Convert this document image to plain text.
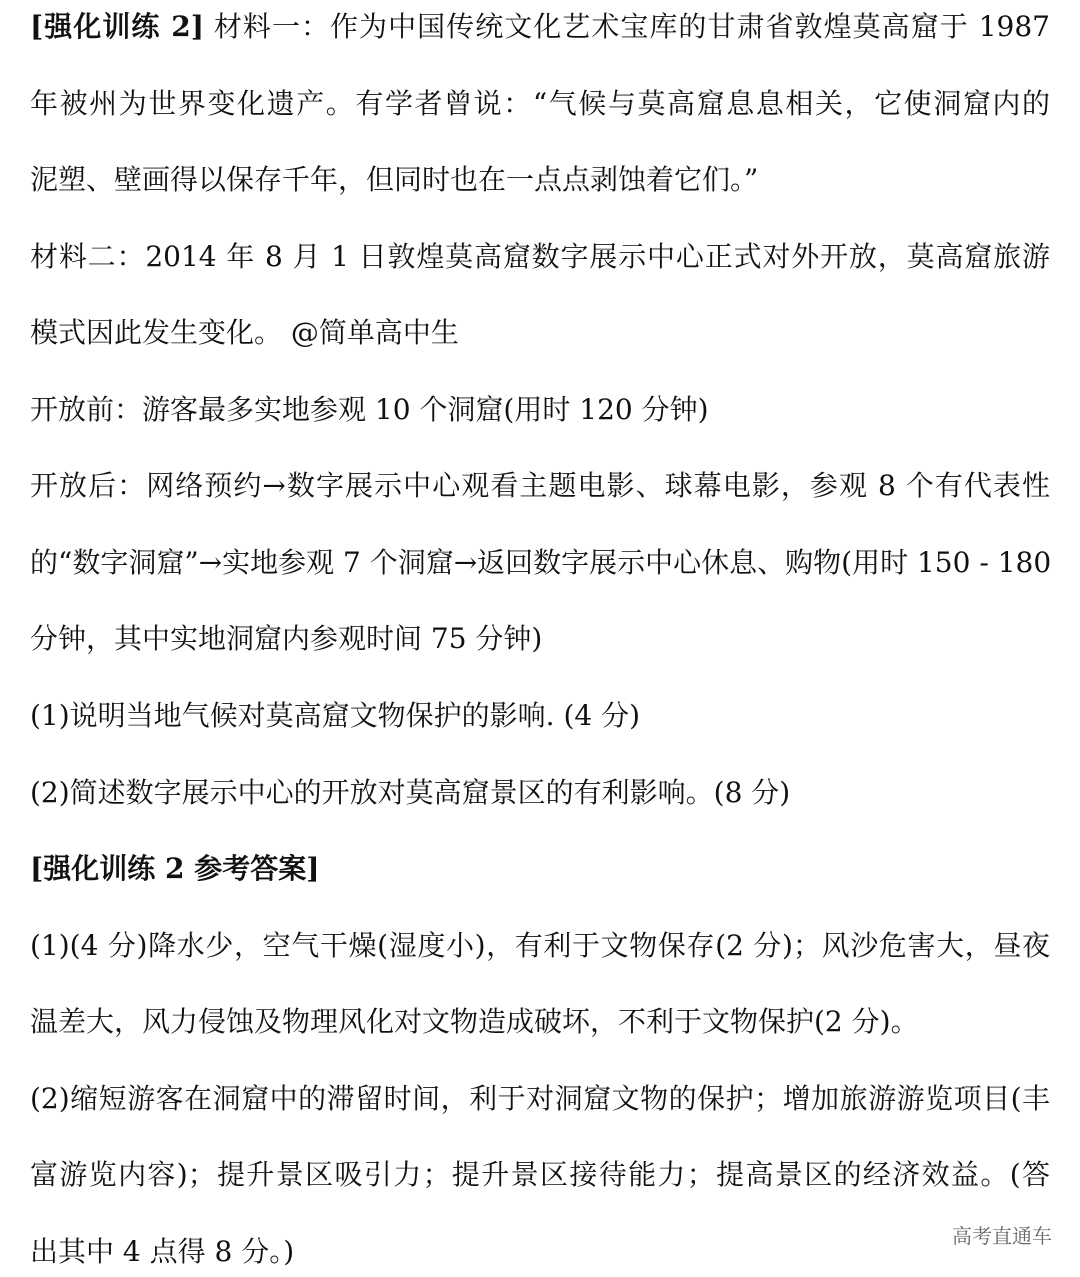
[强化训练 2] 材料一：作为中国传统文化艺术宝库的甘肃省敦煌莫高窟于 1987
年被州为世界变化遗产。有学者曾说：“气候与莫高窟息息相关，它使洞窟内的
泥塑、壁画得以保存千年，但同时也在一点点剥蚀着它们。”
材料二：2014 年 8 月 1 日敦煌莫高窟数字展示中心正式对外开放，莫高窟旅游
模式因此发生变化。 @简单高中生
开放前：游客最多实地参观 10 个洞窟(用时 120 分钟)
开放后：网络预约→数字展示中心观看主题电影、球幕电影，参观 8 个有代表性
的“数字洞窟”→实地参观 7 个洞窟→返回数字展示中心休息、购物(用时 150 - 180
分钟，其中实地洞窟内参观时间 75 分钟)
(1)说明当地气候对莫高窟文物保护的影响. (4 分)
(2)简述数字展示中心的开放对莫高窟景区的有利影响。(8 分)
[强化训练 2 参考答案]
(1)(4 分)降水少，空气干燥(湿度小)，有利于文物保存(2 分)；风沙危害大，昼夜
温差大，风力侵蚀及物理风化对文物造成破坏，不利于文物保护(2 分)。
(2)缩短游客在洞窟中的滞留时间，利于对洞窟文物的保护；增加旅游游览项目(丰
富游览内容)；提升景区吸引力；提升景区接待能力；提高景区的经济效益。(答
出其中 4 点得 8 分。)	高考直通车
